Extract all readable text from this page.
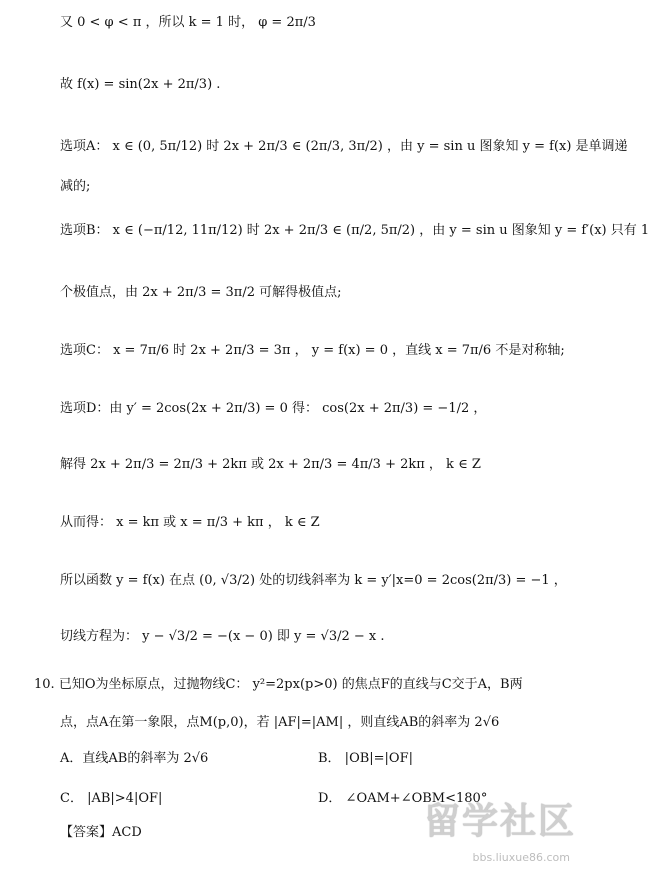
又 0 < φ < π ，所以 k = 1 时， φ = 2π/3
故 f(x) = sin(2x + 2π/3) .
选项A： x ∈ (0, 5π/12) 时 2x + 2π/3 ∈ (2π/3, 3π/2) ，由 y = sin u 图象知 y = f(x) 是单调递
减的;
选项B： x ∈ (−π/12, 11π/12) 时 2x + 2π/3 ∈ (π/2, 5π/2) ，由 y = sin u 图象知 y = f′(x) 只有 1
个极值点，由 2x + 2π/3 = 3π/2 可解得极值点;
选项C： x = 7π/6 时 2x + 2π/3 = 3π ， y = f(x) = 0 ，直线 x = 7π/6 不是对称轴;
选项D：由 y′ = 2cos(2x + 2π/3) = 0 得： cos(2x + 2π/3) = −1/2 ，
解得 2x + 2π/3 = 2π/3 + 2kπ 或 2x + 2π/3 = 4π/3 + 2kπ ， k ∈ Z
从而得： x = kπ 或 x = π/3 + kπ ， k ∈ Z
所以函数 y = f(x) 在点 (0, √3/2) 处的切线斜率为 k = y′|x=0 = 2cos(2π/3) = −1 ，
切线方程为： y − √3/2 = −(x − 0) 即 y = √3/2 − x .
10. 已知O为坐标原点，过抛物线C： y²=2px(p>0) 的焦点F的直线与C交于A，B两
点，点A在第一象限，点M(p,0)，若 |AF|=|AM| ，则直线AB的斜率为 2√6
A．直线AB的斜率为 2√6	B． |OB|=|OF|
C． |AB|>4|OF|	D． ∠OAM+∠OBM<180°
【答案】ACD	留学社区
bbs.liuxue86.com
